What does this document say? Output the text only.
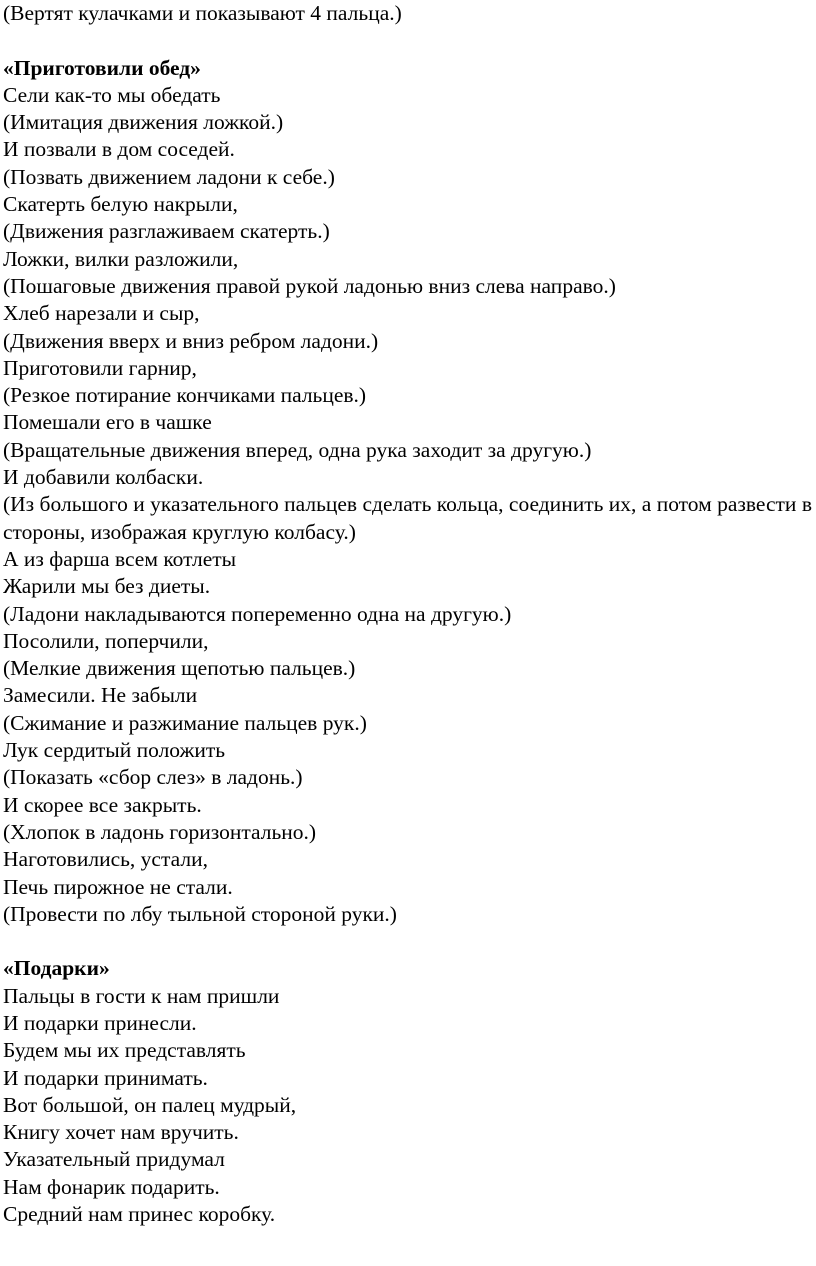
(Вертят кулачками и показывают 4 пальца.)
«Приготовили обед»
Сели как-то мы обедать
(Имитация движения ложкой.)
И позвали в дом соседей.
(Позвать движением ладони к себе.)
Скатерть белую накрыли,
(Движения разглаживаем скатерть.)
Ложки, вилки разложили,
(Пошаговые движения правой рукой ладонью вниз слева направо.)
Хлеб нарезали и сыр,
(Движения вверх и вниз ребром ладони.)
Приготовили гарнир,
(Резкое потирание кончиками пальцев.)
Помешали его в чашке
(Вращательные движения вперед, одна рука заходит за другую.)
И добавили колбаски.
(Из большого и указательного пальцев сделать кольца, соединить их, а потом развести в стороны, изображая круглую колбасу.)
А из фарша всем котлеты
Жарили мы без диеты.
(Ладони накладываются попеременно одна на другую.)
Посолили, поперчили,
(Мелкие движения щепотью пальцев.)
Замесили. Не забыли
(Сжимание и разжимание пальцев рук.)
Лук сердитый положить
(Показать «сбор слез» в ладонь.)
И скорее все закрыть.
(Хлопок в ладонь горизонтально.)
Наготовились, устали,
Печь пирожное не стали.
(Провести по лбу тыльной стороной руки.)
«Подарки»
Пальцы в гости к нам пришли
И подарки принесли.
Будем мы их представлять
И подарки принимать.
Вот большой, он палец мудрый,
Книгу хочет нам вручить.
Указательный придумал
Нам фонарик подарить.
Средний нам принес коробку.
